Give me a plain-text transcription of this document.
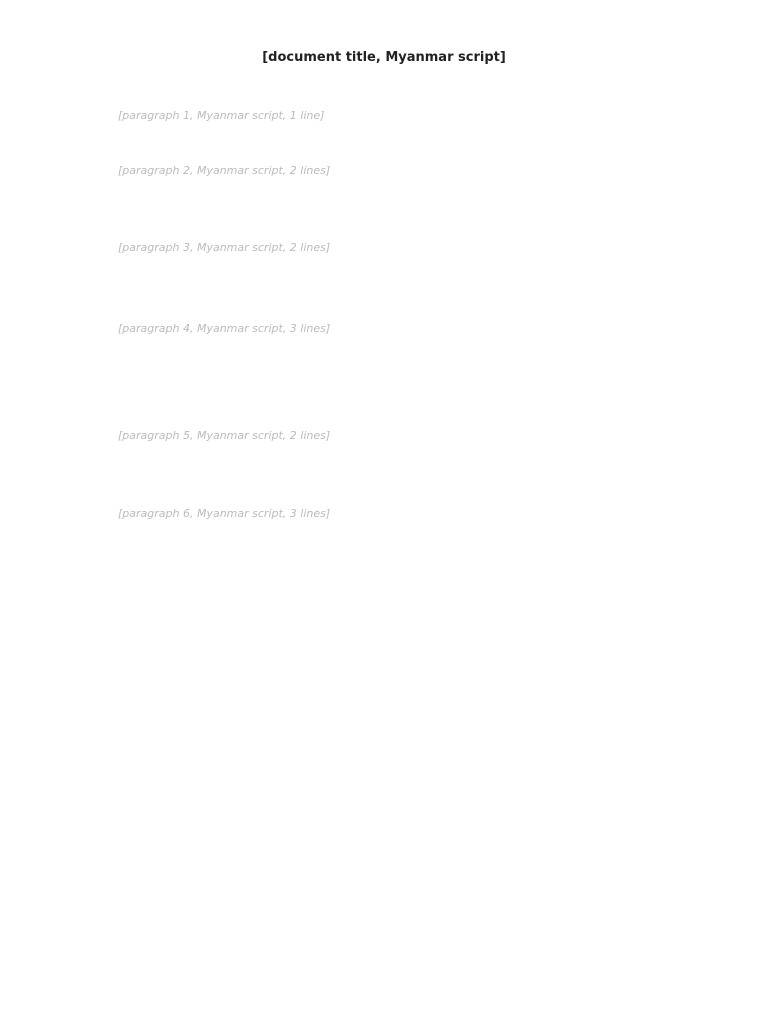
[document title, Myanmar script]
[paragraph 1, Myanmar script, 1 line]
[paragraph 2, Myanmar script, 2 lines]
[paragraph 3, Myanmar script, 2 lines]
[paragraph 4, Myanmar script, 3 lines]
[paragraph 5, Myanmar script, 2 lines]
[paragraph 6, Myanmar script, 3 lines]
